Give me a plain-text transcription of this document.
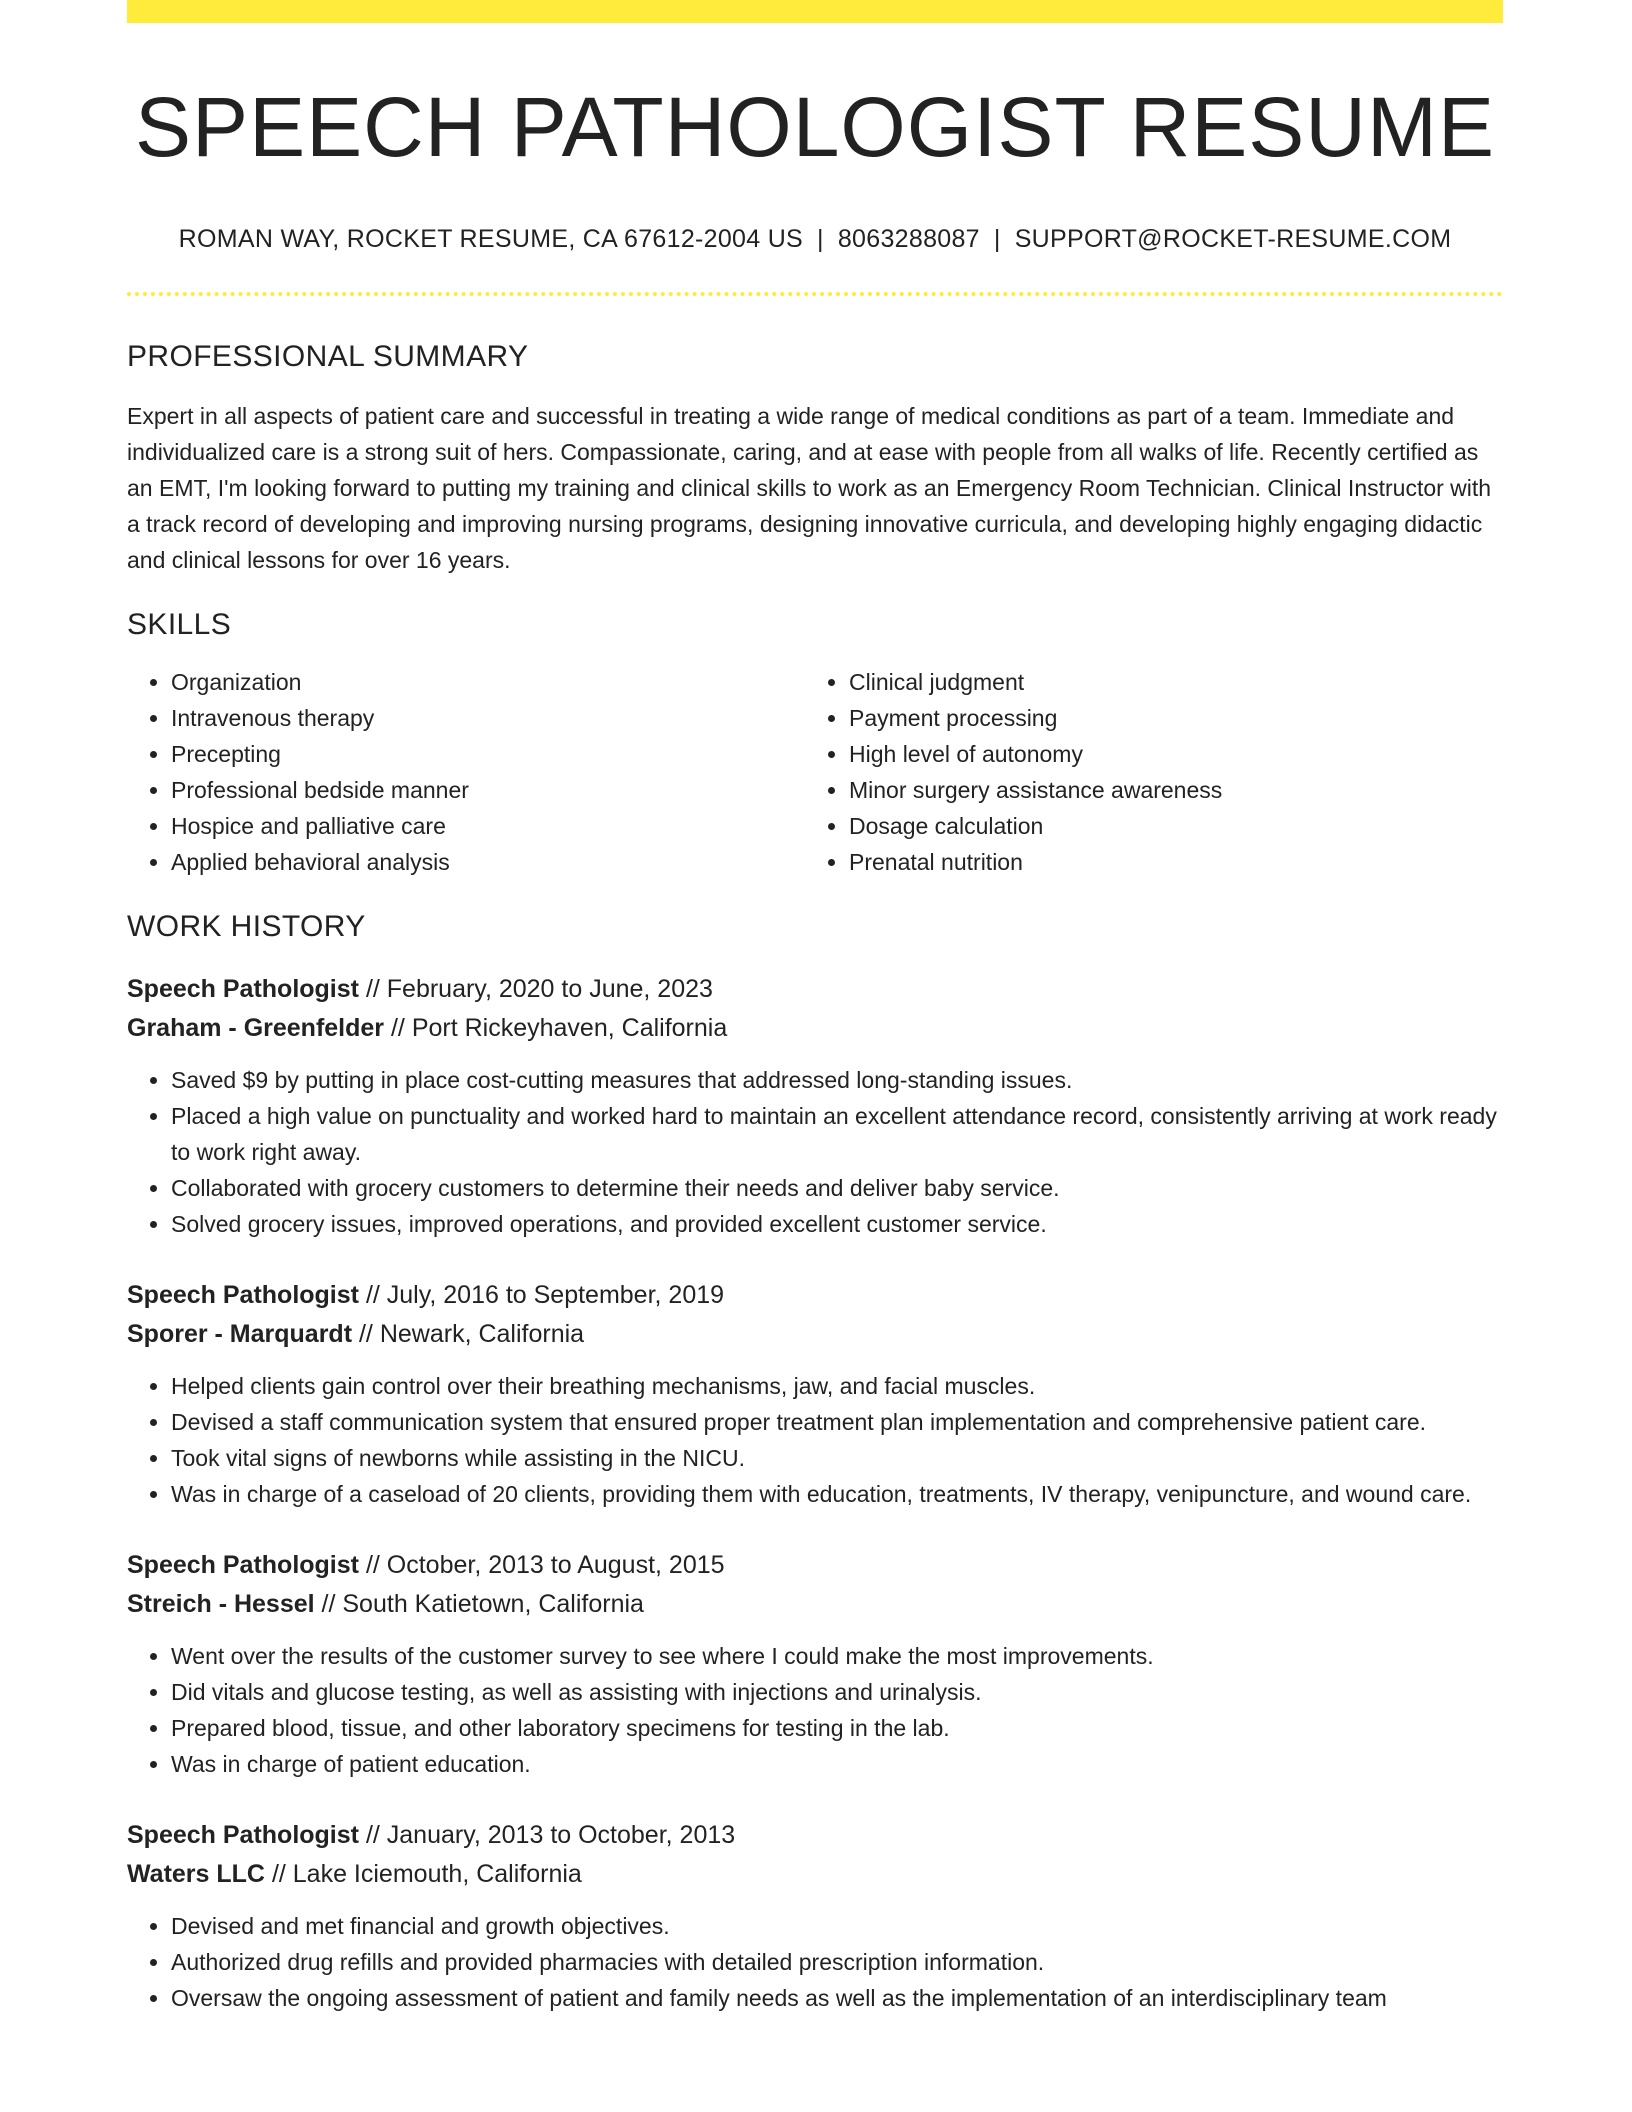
SPEECH PATHOLOGIST RESUME
ROMAN WAY, ROCKET RESUME, CA 67612-2004 US | 8063288087 | SUPPORT@ROCKET-RESUME.COM
PROFESSIONAL SUMMARY

Expert in all aspects of patient care and successful in treating a wide range of medical conditions as part of a team. Immediate and individualized care is a strong suit of hers. Compassionate, caring, and at ease with people from all walks of life. Recently certified as an EMT, I'm looking forward to putting my training and clinical skills to work as an Emergency Room Technician. Clinical Instructor with a track record of developing and improving nursing programs, designing innovative curricula, and developing highly engaging didactic and clinical lessons for over 16 years.

SKILLS
• Organization
• Intravenous therapy
• Precepting
• Professional bedside manner
• Hospice and palliative care
• Applied behavioral analysis
• Clinical judgment
• Payment processing
• High level of autonomy
• Minor surgery assistance awareness
• Dosage calculation
• Prenatal nutrition
WORK HISTORY
Speech Pathologist // February, 2020 to June, 2023
Graham - Greenfelder // Port Rickeyhaven, California
• Saved $9 by putting in place cost-cutting measures that addressed long-standing issues.
• Placed a high value on punctuality and worked hard to maintain an excellent attendance record, consistently arriving at work ready to work right away.
• Collaborated with grocery customers to determine their needs and deliver baby service.
• Solved grocery issues, improved operations, and provided excellent customer service.
Speech Pathologist // July, 2016 to September, 2019
Sporer - Marquardt // Newark, California
• Helped clients gain control over their breathing mechanisms, jaw, and facial muscles.
• Devised a staff communication system that ensured proper treatment plan implementation and comprehensive patient care.
• Took vital signs of newborns while assisting in the NICU.
• Was in charge of a caseload of 20 clients, providing them with education, treatments, IV therapy, venipuncture, and wound care.
Speech Pathologist // October, 2013 to August, 2015
Streich - Hessel // South Katietown, California
• Went over the results of the customer survey to see where I could make the most improvements.
• Did vitals and glucose testing, as well as assisting with injections and urinalysis.
• Prepared blood, tissue, and other laboratory specimens for testing in the lab.
• Was in charge of patient education.
Speech Pathologist // January, 2013 to October, 2013
Waters LLC // Lake Iciemouth, California
• Devised and met financial and growth objectives.
• Authorized drug refills and provided pharmacies with detailed prescription information.
• Oversaw the ongoing assessment of patient and family needs as well as the implementation of an interdisciplinary team
